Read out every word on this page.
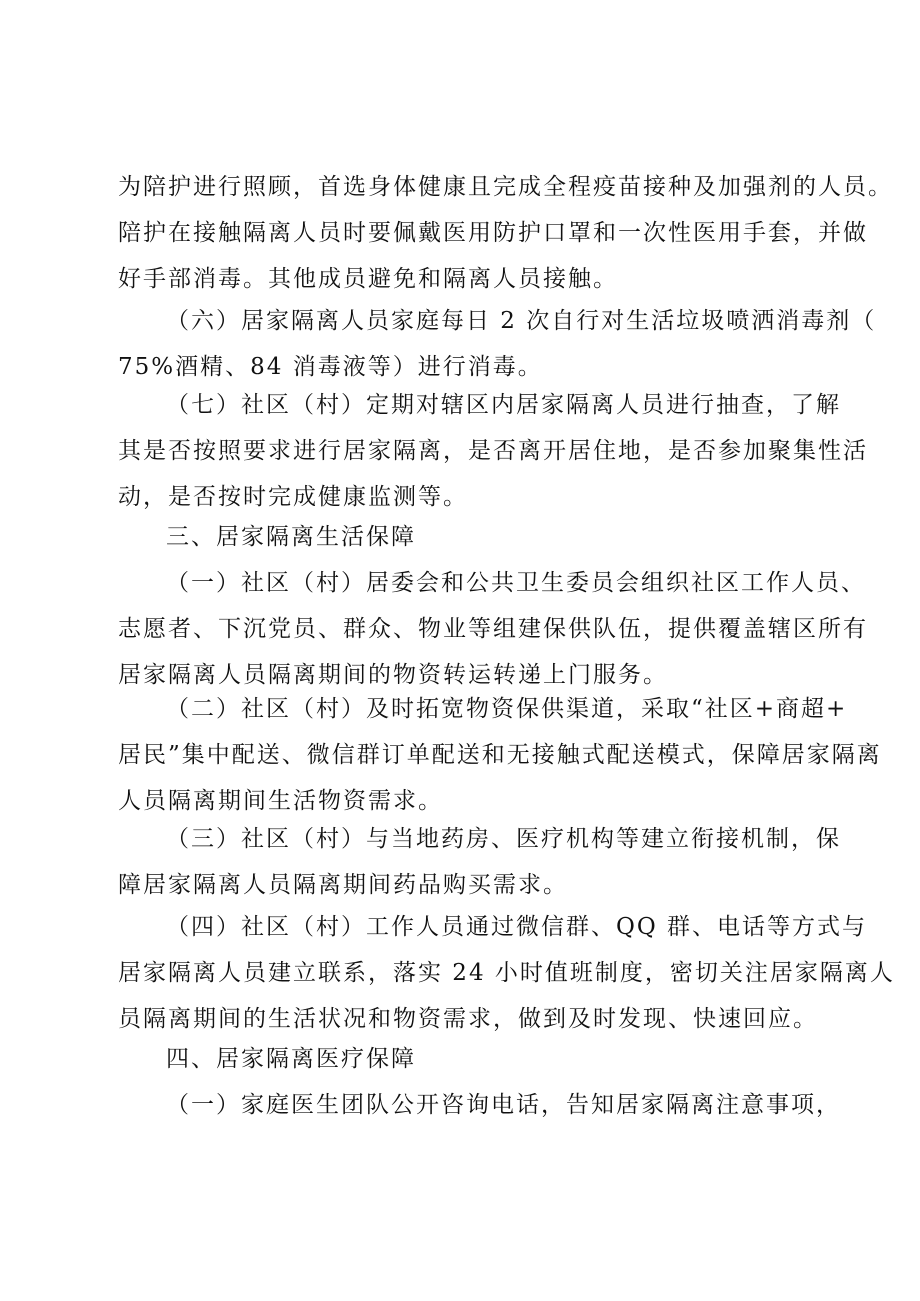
为陪护进行照顾，首选身体健康且完成全程疫苗接种及加强剂的人员。
陪护在接触隔离人员时要佩戴医用防护口罩和一次性医用手套，并做
好手部消毒。其他成员避免和隔离人员接触。
（六）居家隔离人员家庭每日 2 次自行对生活垃圾喷洒消毒剂（
75%酒精、84 消毒液等）进行消毒。
（七）社区（村）定期对辖区内居家隔离人员进行抽查，了解
其是否按照要求进行居家隔离，是否离开居住地，是否参加聚集性活
动，是否按时完成健康监测等。
三、居家隔离生活保障
（一）社区（村）居委会和公共卫生委员会组织社区工作人员、
志愿者、下沉党员、群众、物业等组建保供队伍，提供覆盖辖区所有
居家隔离人员隔离期间的物资转运转递上门服务。
（二）社区（村）及时拓宽物资保供渠道，采取“社区+商超+
居民”集中配送、微信群订单配送和无接触式配送模式，保障居家隔离
人员隔离期间生活物资需求。
（三）社区（村）与当地药房、医疗机构等建立衔接机制，保
障居家隔离人员隔离期间药品购买需求。
（四）社区（村）工作人员通过微信群、QQ 群、电话等方式与
居家隔离人员建立联系，落实 24 小时值班制度，密切关注居家隔离人
员隔离期间的生活状况和物资需求，做到及时发现、快速回应。
四、居家隔离医疗保障
（一）家庭医生团队公开咨询电话，告知居家隔离注意事项，
